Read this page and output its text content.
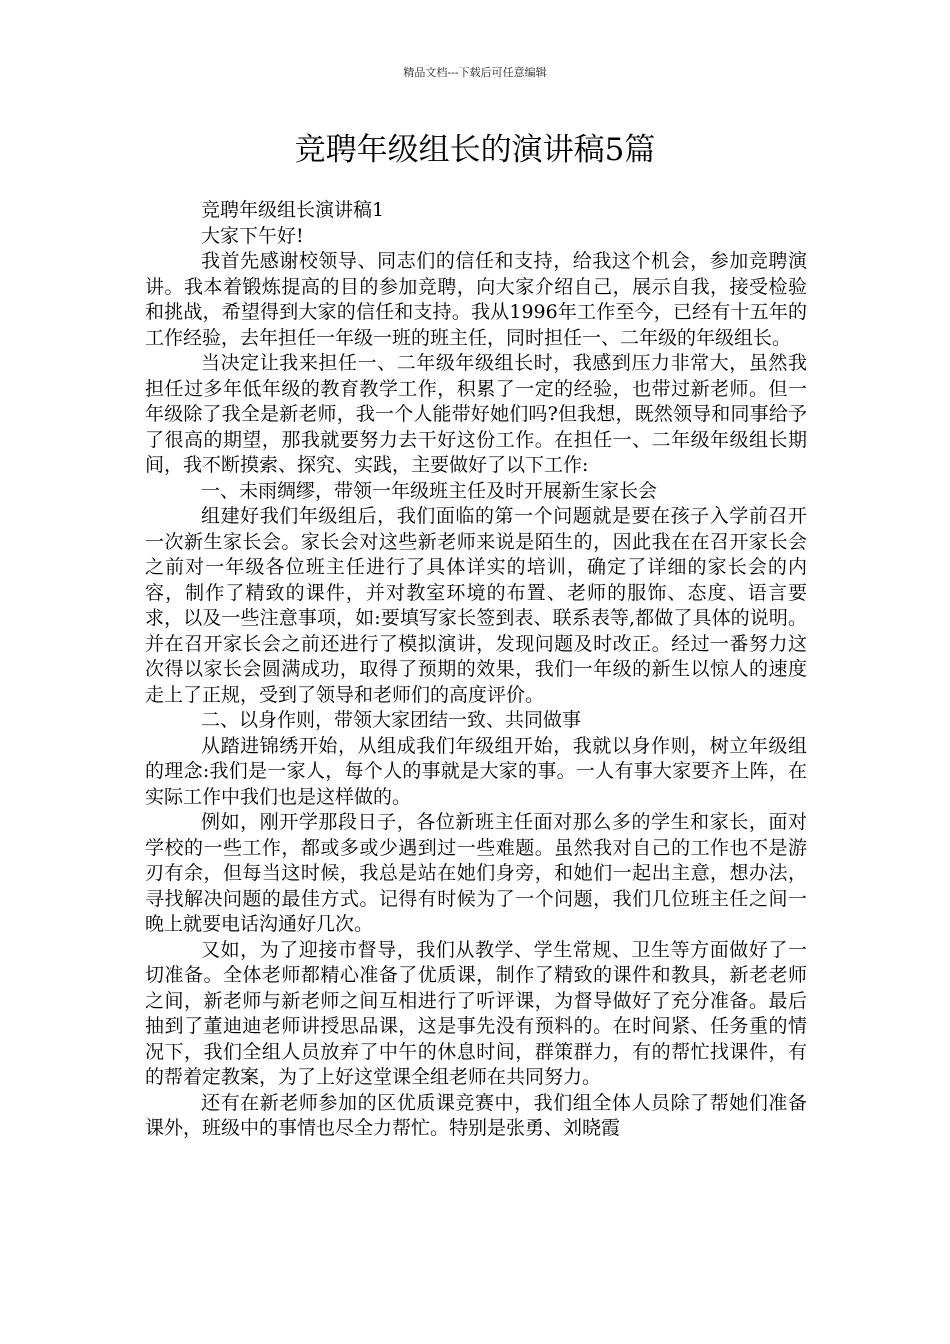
精品文档---下载后可任意编辑
竞聘年级组长的演讲稿5篇

竞聘年级组长演讲稿1

大家下午好!

我首先感谢校领导、同志们的信任和支持，给我这个机会，参加竞聘演讲。我本着锻炼提高的目的参加竞聘，向大家介绍自己，展示自我，接受检验和挑战，希望得到大家的信任和支持。我从1996年工作至今，已经有十五年的工作经验，去年担任一年级一班的班主任，同时担任一、二年级的年级组长。

当决定让我来担任一、二年级年级组长时，我感到压力非常大，虽然我担任过多年低年级的教育教学工作，积累了一定的经验，也带过新老师。但一年级除了我全是新老师，我一个人能带好她们吗?但我想，既然领导和同事给予了很高的期望，那我就要努力去干好这份工作。在担任一、二年级年级组长期间，我不断摸索、探究、实践，主要做好了以下工作:

一、未雨绸缪，带领一年级班主任及时开展新生家长会

组建好我们年级组后，我们面临的第一个问题就是要在孩子入学前召开一次新生家长会。家长会对这些新老师来说是陌生的，因此我在在召开家长会之前对一年级各位班主任进行了具体详实的培训，确定了详细的家长会的内容，制作了精致的课件，并对教室环境的布置、老师的服饰、态度、语言要求，以及一些注意事项，如:要填写家长签到表、联系表等,都做了具体的说明。并在召开家长会之前还进行了模拟演讲，发现问题及时改正。经过一番努力这次得以家长会圆满成功，取得了预期的效果，我们一年级的新生以惊人的速度走上了正规，受到了领导和老师们的高度评价。

二、以身作则，带领大家团结一致、共同做事

从踏进锦绣开始，从组成我们年级组开始，我就以身作则，树立年级组的理念:我们是一家人，每个人的事就是大家的事。一人有事大家要齐上阵，在实际工作中我们也是这样做的。

例如，刚开学那段日子，各位新班主任面对那么多的学生和家长，面对学校的一些工作，都或多或少遇到过一些难题。虽然我对自己的工作也不是游刃有余，但每当这时候，我总是站在她们身旁，和她们一起出主意，想办法，寻找解决问题的最佳方式。记得有时候为了一个问题，我们几位班主任之间一晚上就要电话沟通好几次。

又如，为了迎接市督导，我们从教学、学生常规、卫生等方面做好了一切准备。全体老师都精心准备了优质课，制作了精致的课件和教具，新老老师之间，新老师与新老师之间互相进行了听评课，为督导做好了充分准备。最后抽到了董迪迪老师讲授思品课，这是事先没有预料的。在时间紧、任务重的情况下，我们全组人员放弃了中午的休息时间，群策群力，有的帮忙找课件，有的帮着定教案，为了上好这堂课全组老师在共同努力。

还有在新老师参加的区优质课竞赛中，我们组全体人员除了帮她们准备课外，班级中的事情也尽全力帮忙。特别是张勇、刘晓霞
